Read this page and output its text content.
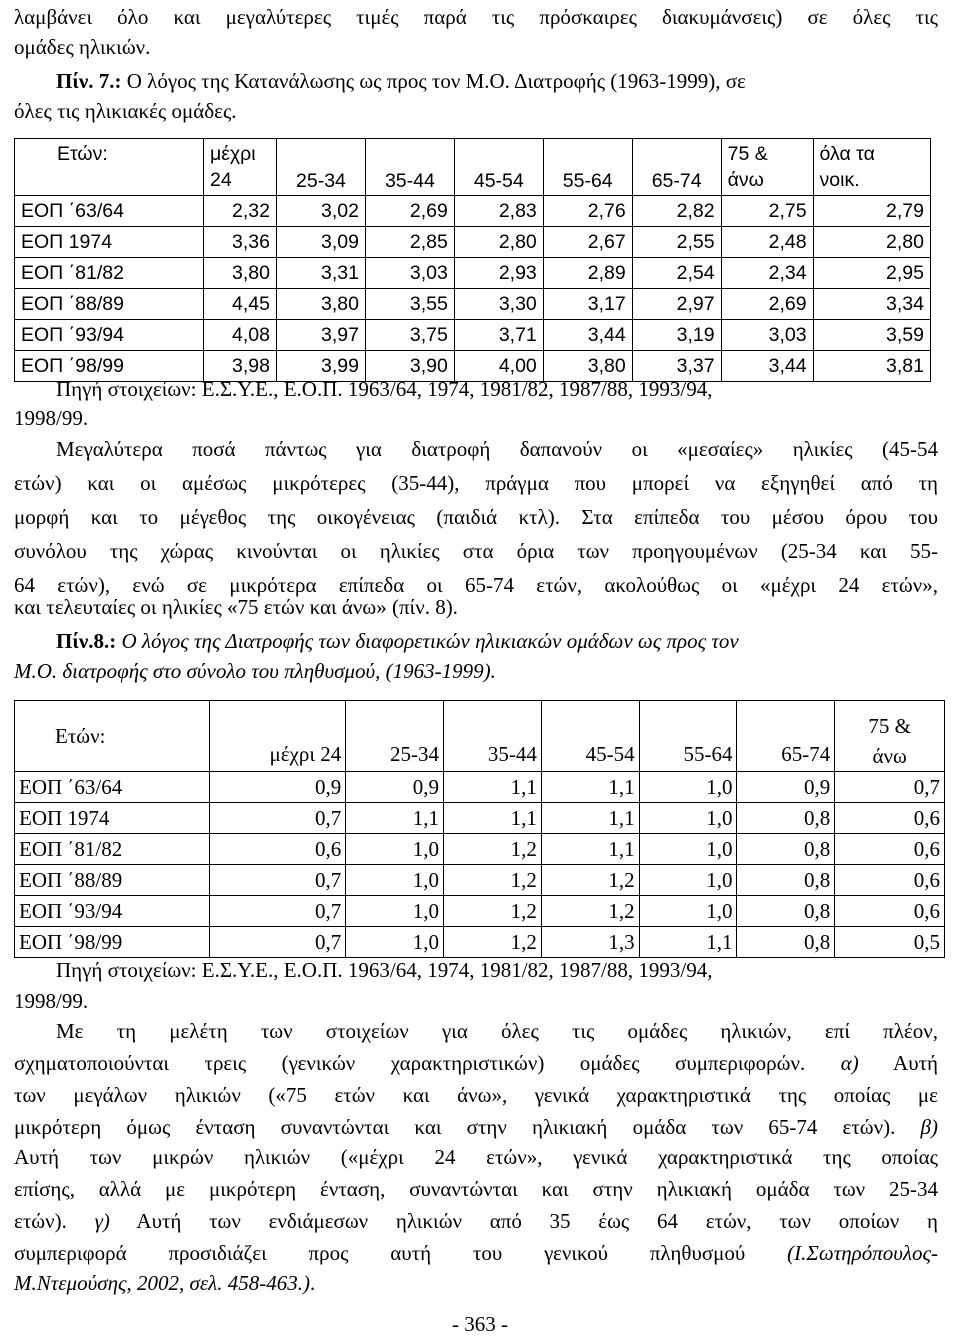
λαμβάνει όλο και μεγαλύτερες τιμές παρά τις πρόσκαιρες διακυμάνσεις) σε όλες τις
ομάδες ηλικιών.
Πίν. 7.: Ο λόγος της Κατανάλωσης ως προς τον Μ.Ο. Διατροφής (1963-1999), σε
όλες τις ηλικιακές ομάδες.
Ετών:	μέχρι 24	25-34	35-44	45-54	55-64	65-74	75 & άνω	όλα τα νοικ.
ΕΟΠ ΄63/64	2,32	3,02	2,69	2,83	2,76	2,82	2,75	2,79
ΕΟΠ 1974	3,36	3,09	2,85	2,80	2,67	2,55	2,48	2,80
ΕΟΠ ΄81/82	3,80	3,31	3,03	2,93	2,89	2,54	2,34	2,95
ΕΟΠ ΄88/89	4,45	3,80	3,55	3,30	3,17	2,97	2,69	3,34
ΕΟΠ ΄93/94	4,08	3,97	3,75	3,71	3,44	3,19	3,03	3,59
ΕΟΠ ΄98/99	3,98	3,99	3,90	4,00	3,80	3,37	3,44	3,81
Πηγή στοιχείων: Ε.Σ.Υ.Ε., Ε.Ο.Π. 1963/64, 1974, 1981/82, 1987/88, 1993/94,
1998/99.
Μεγαλύτερα ποσά πάντως για διατροφή δαπανούν οι «μεσαίες» ηλικίες (45-54
ετών) και οι αμέσως μικρότερες (35-44), πράγμα που μπορεί να εξηγηθεί από τη
μορφή και το μέγεθος της οικογένειας (παιδιά κτλ). Στα επίπεδα του μέσου όρου του
συνόλου της χώρας κινούνται οι ηλικίες στα όρια των προηγουμένων (25-34 και 55-
64 ετών), ενώ σε μικρότερα επίπεδα οι 65-74 ετών, ακολούθως οι «μέχρι 24 ετών»,
και τελευταίες οι ηλικίες «75 ετών και άνω» (πίν. 8).
Πίν.8.: Ο λόγος της Διατροφής των διαφορετικών ηλικιακών ομάδων ως προς τον
Μ.Ο. διατροφής στο σύνολο του πληθυσμού, (1963-1999).
Ετών:	μέχρι 24	25-34	35-44	45-54	55-64	65-74	75 & άνω
ΕΟΠ ΄63/64	0,9	0,9	1,1	1,1	1,0	0,9	0,7
ΕΟΠ 1974	0,7	1,1	1,1	1,1	1,0	0,8	0,6
ΕΟΠ ΄81/82	0,6	1,0	1,2	1,1	1,0	0,8	0,6
ΕΟΠ ΄88/89	0,7	1,0	1,2	1,2	1,0	0,8	0,6
ΕΟΠ ΄93/94	0,7	1,0	1,2	1,2	1,0	0,8	0,6
ΕΟΠ ΄98/99	0,7	1,0	1,2	1,3	1,1	0,8	0,5
Πηγή στοιχείων: Ε.Σ.Υ.Ε., Ε.Ο.Π. 1963/64, 1974, 1981/82, 1987/88, 1993/94,
1998/99.
Με τη μελέτη των στοιχείων για όλες τις ομάδες ηλικιών, επί πλέον,
σχηματοποιούνται τρεις (γενικών χαρακτηριστικών) ομάδες συμπεριφορών. α) Αυτή
των μεγάλων ηλικιών («75 ετών και άνω», γενικά χαρακτηριστικά της οποίας με
μικρότερη όμως ένταση συναντώνται και στην ηλικιακή ομάδα των 65-74 ετών). β)
Αυτή των μικρών ηλικιών («μέχρι 24 ετών», γενικά χαρακτηριστικά της οποίας
επίσης, αλλά με μικρότερη ένταση, συναντώνται και στην ηλικιακή ομάδα των 25-34
ετών). γ) Αυτή των ενδιάμεσων ηλικιών από 35 έως 64 ετών, των οποίων η
συμπεριφορά προσιδιάζει προς αυτή του γενικού πληθυσμού (Ι.Σωτηρόπουλος-
Μ.Ντεμούσης, 2002, σελ. 458-463.).
- 363 -
